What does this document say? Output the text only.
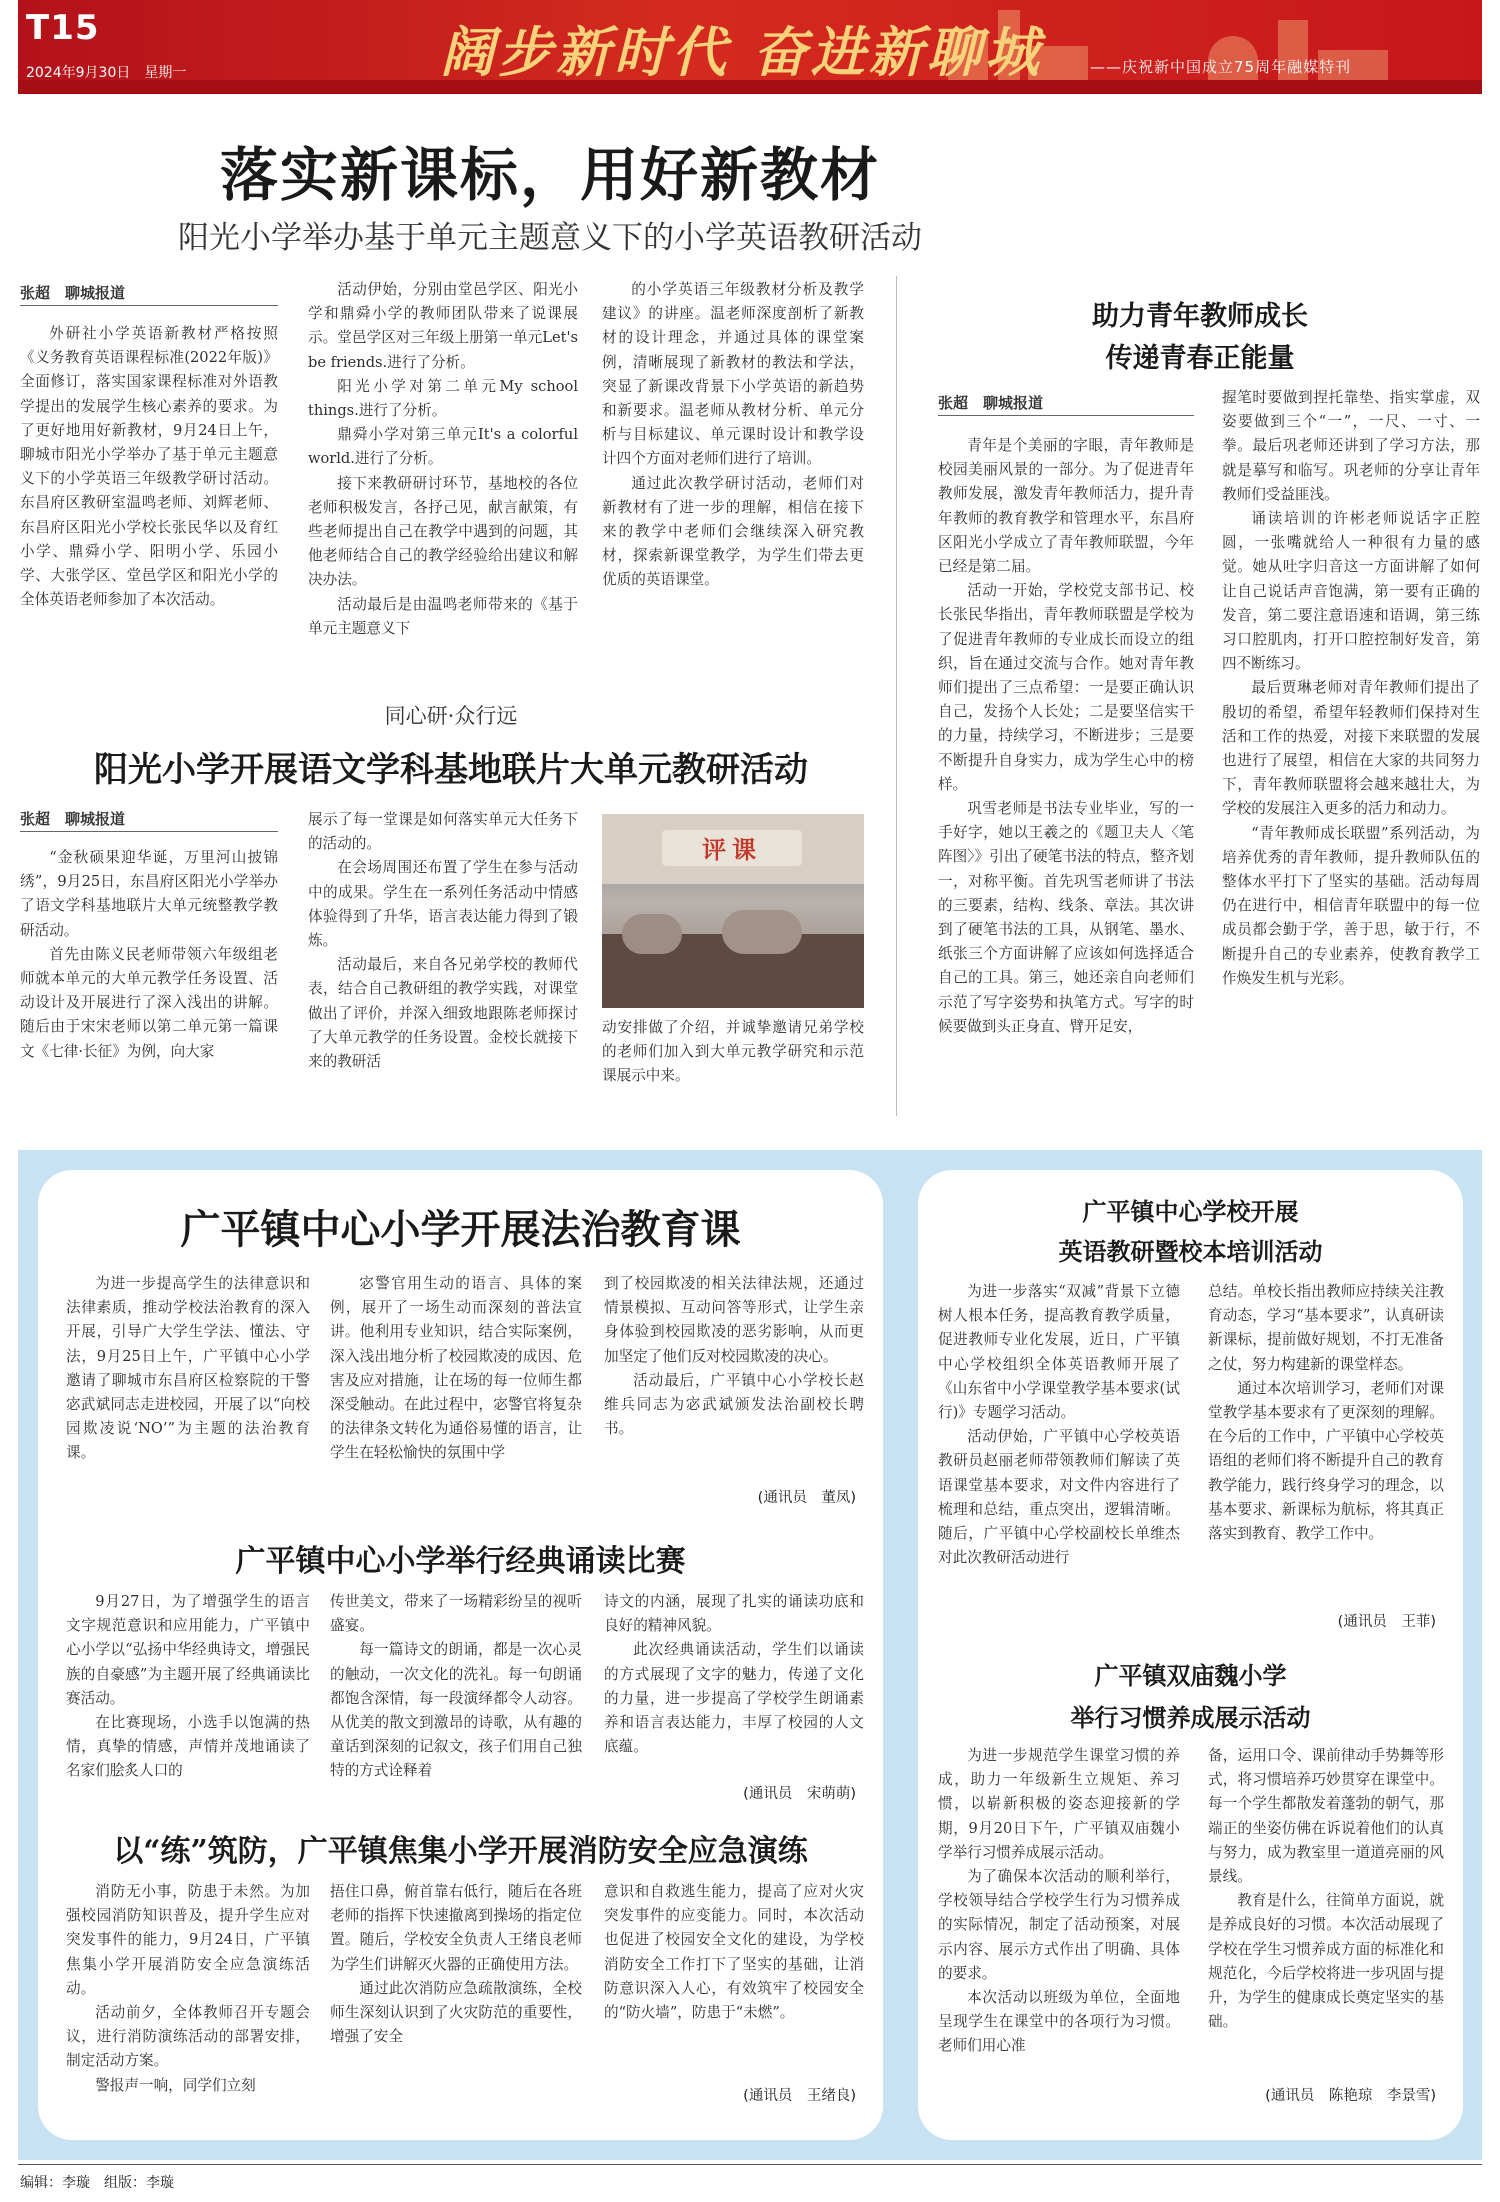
T15
2024年9月30日　星期一	阔步新时代 奋进新聊城	——庆祝新中国成立75周年融媒特刊
落实新课标，用好新教材
阳光小学举办基于单元主题意义下的小学英语教研活动
张超　聊城报道

外研社小学英语新教材严格按照《义务教育英语课程标准(2022年版)》全面修订，落实国家课程标准对外语教学提出的发展学生核心素养的要求。为了更好地用好新教材，9月24日上午，聊城市阳光小学举办了基于单元主题意义下的小学英语三年级教学研讨活动。东昌府区教研室温鸣老师、刘辉老师、东昌府区阳光小学校长张民华以及育红小学、鼎舜小学、阳明小学、乐园小学、大张学区、堂邑学区和阳光小学的全体英语老师参加了本次活动。

活动伊始，分别由堂邑学区、阳光小学和鼎舜小学的教师团队带来了说课展示。堂邑学区对三年级上册第一单元Let's be friends.进行了分析。

阳光小学对第二单元My school things.进行了分析。

鼎舜小学对第三单元It's a colorful world.进行了分析。

接下来教研研讨环节，基地校的各位老师积极发言，各抒己见，献言献策，有些老师提出自己在教学中遇到的问题，其他老师结合自己的教学经验给出建议和解决办法。

活动最后是由温鸣老师带来的《基于单元主题意义下

的小学英语三年级教材分析及教学建议》的讲座。温老师深度剖析了新教材的设计理念，并通过具体的课堂案例，清晰展现了新教材的教法和学法，突显了新课改背景下小学英语的新趋势和新要求。温老师从教材分析、单元分析与目标建议、单元课时设计和教学设计四个方面对老师们进行了培训。

通过此次教学研讨活动，老师们对新教材有了进一步的理解，相信在接下来的教学中老师们会继续深入研究教材，探索新课堂教学，为学生们带去更优质的英语课堂。

同心研·众行远
阳光小学开展语文学科基地联片大单元教研活动
张超　聊城报道

“金秋硕果迎华诞，万里河山披锦绣”，9月25日，东昌府区阳光小学举办了语文学科基地联片大单元统整教学教研活动。

首先由陈义民老师带领六年级组老师就本单元的大单元教学任务设置、活动设计及开展进行了深入浅出的讲解。随后由于宋宋老师以第二单元第一篇课文《七律·长征》为例，向大家

展示了每一堂课是如何落实单元大任务下的活动的。

在会场周围还布置了学生在参与活动中的成果。学生在一系列任务活动中情感体验得到了升华，语言表达能力得到了锻炼。

活动最后，来自各兄弟学校的教师代表，结合自己教研组的教学实践，对课堂做出了评价，并深入细致地跟陈老师探讨了大单元教学的任务设置。金校长就接下来的教研活

评课

动安排做了介绍，并诚挚邀请兄弟学校的老师们加入到大单元教学研究和示范课展示中来。

助力青年教师成长
传递青春正能量
张超　聊城报道

青年是个美丽的字眼，青年教师是校园美丽风景的一部分。为了促进青年教师发展，激发青年教师活力，提升青年教师的教育教学和管理水平，东昌府区阳光小学成立了青年教师联盟，今年已经是第二届。

活动一开始，学校党支部书记、校长张民华指出，青年教师联盟是学校为了促进青年教师的专业成长而设立的组织，旨在通过交流与合作。她对青年教师们提出了三点希望：一是要正确认识自己，发扬个人长处；二是要坚信实干的力量，持续学习，不断进步；三是要不断提升自身实力，成为学生心中的榜样。

巩雪老师是书法专业毕业，写的一手好字，她以王羲之的《题卫夫人〈笔阵图〉》引出了硬笔书法的特点，整齐划一，对称平衡。首先巩雪老师讲了书法的三要素，结构、线条、章法。其次讲到了硬笔书法的工具，从钢笔、墨水、纸张三个方面讲解了应该如何选择适合自己的工具。第三，她还亲自向老师们示范了写字姿势和执笔方式。写字的时候要做到头正身直、臂开足安，

握笔时要做到捏托靠垫、指实掌虚，双姿要做到三个“一”，一尺、一寸、一拳。最后巩老师还讲到了学习方法，那就是摹写和临写。巩老师的分享让青年教师们受益匪浅。

诵读培训的许彬老师说话字正腔圆，一张嘴就给人一种很有力量的感觉。她从吐字归音这一方面讲解了如何让自己说话声音饱满，第一要有正确的发音，第二要注意语速和语调，第三练习口腔肌肉，打开口腔控制好发音，第四不断练习。

最后贾琳老师对青年教师们提出了殷切的希望，希望年轻教师们保持对生活和工作的热爱，对接下来联盟的发展也进行了展望，相信在大家的共同努力下，青年教师联盟将会越来越壮大，为学校的发展注入更多的活力和动力。

“青年教师成长联盟”系列活动，为培养优秀的青年教师，提升教师队伍的整体水平打下了坚实的基础。活动每周仍在进行中，相信青年联盟中的每一位成员都会勤于学，善于思，敏于行，不断提升自己的专业素养，使教育教学工作焕发生机与光彩。

广平镇中心小学开展法治教育课

为进一步提高学生的法律意识和法律素质，推动学校法治教育的深入开展，引导广大学生学法、懂法、守法，9月25日上午，广平镇中心小学邀请了聊城市东昌府区检察院的干警宓武斌同志走进校园，开展了以“向校园欺凌说‘NO’”为主题的法治教育课。

宓警官用生动的语言、具体的案例，展开了一场生动而深刻的普法宣讲。他利用专业知识，结合实际案例，深入浅出地分析了校园欺凌的成因、危害及应对措施，让在场的每一位师生都深受触动。在此过程中，宓警官将复杂的法律条文转化为通俗易懂的语言，让学生在轻松愉快的氛围中学

到了校园欺凌的相关法律法规，还通过情景模拟、互动问答等形式，让学生亲身体验到校园欺凌的恶劣影响，从而更加坚定了他们反对校园欺凌的决心。

活动最后，广平镇中心小学校长赵维兵同志为宓武斌颁发法治副校长聘书。

(通讯员　董凤)
广平镇中心小学举行经典诵读比赛

9月27日，为了增强学生的语言文字规范意识和应用能力，广平镇中心小学以“弘扬中华经典诗文，增强民族的自豪感”为主题开展了经典诵读比赛活动。

在比赛现场，小选手以饱满的热情，真挚的情感，声情并茂地诵读了名家们脍炙人口的

传世美文，带来了一场精彩纷呈的视听盛宴。

每一篇诗文的朗诵，都是一次心灵的触动，一次文化的洗礼。每一句朗诵都饱含深情，每一段演绎都令人动容。从优美的散文到激昂的诗歌，从有趣的童话到深刻的记叙文，孩子们用自己独特的方式诠释着

诗文的内涵，展现了扎实的诵读功底和良好的精神风貌。

此次经典诵读活动，学生们以诵读的方式展现了文字的魅力，传递了文化的力量，进一步提高了学校学生朗诵素养和语言表达能力，丰厚了校园的人文底蕴。

(通讯员　宋萌萌)
以“练”筑防，广平镇焦集小学开展消防安全应急演练

消防无小事，防患于未然。为加强校园消防知识普及，提升学生应对突发事件的能力，9月24日，广平镇焦集小学开展消防安全应急演练活动。

活动前夕，全体教师召开专题会议，进行消防演练活动的部署安排，制定活动方案。

警报声一响，同学们立刻

捂住口鼻，俯首靠右低行，随后在各班老师的指挥下快速撤离到操场的指定位置。随后，学校安全负责人王绪良老师为学生们讲解灭火器的正确使用方法。

通过此次消防应急疏散演练，全校师生深刻认识到了火灾防范的重要性，增强了安全

意识和自救逃生能力，提高了应对火灾突发事件的应变能力。同时，本次活动也促进了校园安全文化的建设，为学校消防安全工作打下了坚实的基础，让消防意识深入人心，有效筑牢了校园安全的“防火墙”，防患于“未燃”。

(通讯员　王绪良)
广平镇中心学校开展
英语教研暨校本培训活动

为进一步落实“双减”背景下立德树人根本任务，提高教育教学质量，促进教师专业化发展，近日，广平镇中心学校组织全体英语教师开展了《山东省中小学课堂教学基本要求(试行)》专题学习活动。

活动伊始，广平镇中心学校英语教研员赵丽老师带领教师们解读了英语课堂基本要求，对文件内容进行了梳理和总结，重点突出，逻辑清晰。随后，广平镇中心学校副校长单维杰对此次教研活动进行

总结。单校长指出教师应持续关注教育动态，学习“基本要求”，认真研读新课标，提前做好规划，不打无准备之仗，努力构建新的课堂样态。

通过本次培训学习，老师们对课堂教学基本要求有了更深刻的理解。在今后的工作中，广平镇中心学校英语组的老师们将不断提升自己的教育教学能力，践行终身学习的理念，以基本要求、新课标为航标，将其真正落实到教育、教学工作中。

(通讯员　王菲)
广平镇双庙魏小学
举行习惯养成展示活动

为进一步规范学生课堂习惯的养成，助力一年级新生立规矩、养习惯，以崭新积极的姿态迎接新的学期，9月20日下午，广平镇双庙魏小学举行习惯养成展示活动。

为了确保本次活动的顺利举行，学校领导结合学校学生行为习惯养成的实际情况，制定了活动预案，对展示内容、展示方式作出了明确、具体的要求。

本次活动以班级为单位，全面地呈现学生在课堂中的各项行为习惯。老师们用心准

备，运用口令、课前律动手势舞等形式，将习惯培养巧妙贯穿在课堂中。每一个学生都散发着蓬勃的朝气，那端正的坐姿仿佛在诉说着他们的认真与努力，成为教室里一道道亮丽的风景线。

教育是什么，往简单方面说，就是养成良好的习惯。本次活动展现了学校在学生习惯养成方面的标准化和规范化，今后学校将进一步巩固与提升，为学生的健康成长奠定坚实的基础。

(通讯员　陈艳琼　李景雪)
编辑：李璇　组版：李璇
